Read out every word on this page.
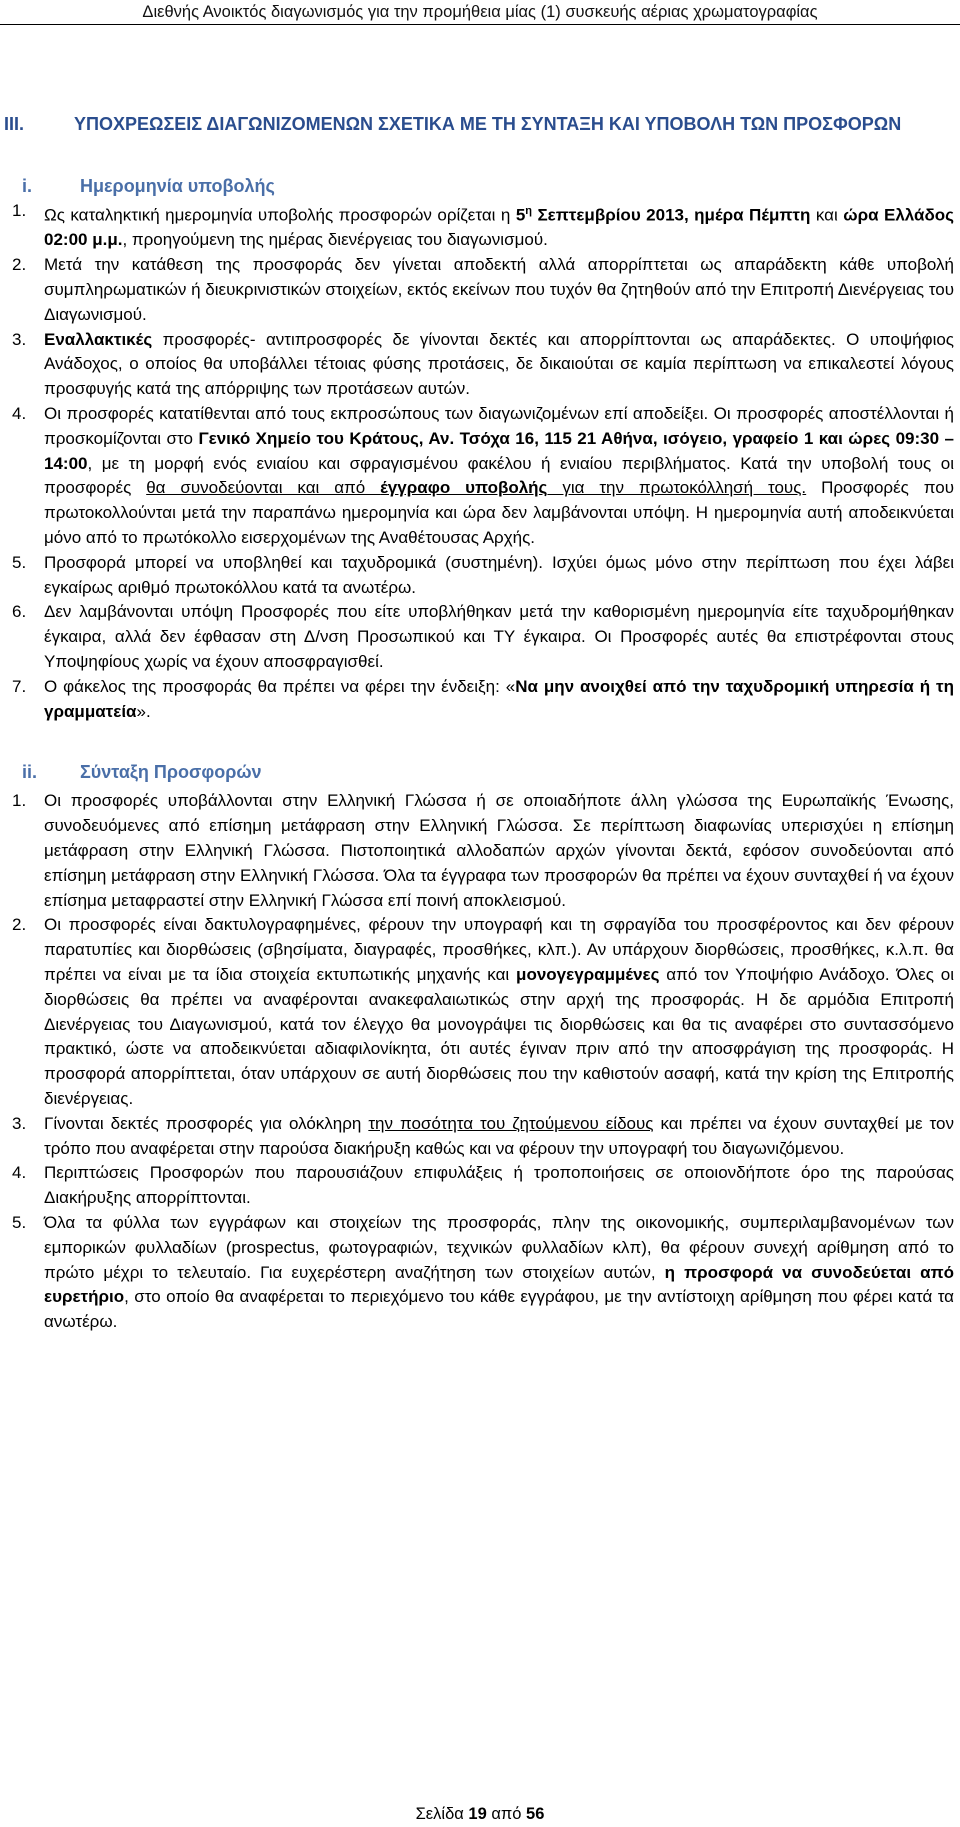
Διεθνής Ανοικτός διαγωνισμός για την προμήθεια μίας (1) συσκευής αέριας χρωματογραφίας
III.	ΥΠΟΧΡΕΩΣΕΙΣ ΔΙΑΓΩΝΙΖΟΜΕΝΩΝ ΣΧΕΤΙΚΑ ΜΕ ΤΗ ΣΥΝΤΑΞΗ ΚΑΙ ΥΠΟΒΟΛΗ ΤΩΝ ΠΡΟΣΦΟΡΩΝ
i.	Ημερομηνία υποβολής
1. Ως καταληκτική ημερομηνία υποβολής προσφορών ορίζεται η $5^\eta$ Σεπτεμβρίου 2013, ημέρα Πέμπτη και ώρα Ελλάδος 02:00 μ.μ., προηγούμενη της ημέρας διενέργειας του διαγωνισμού.
2. Μετά την κατάθεση της προσφοράς δεν γίνεται αποδεκτή αλλά απορρίπτεται ως απαράδεκτη κάθε υποβολή συμπληρωματικών ή διευκρινιστικών στοιχείων, εκτός εκείνων που τυχόν θα ζητηθούν από την Επιτροπή Διενέργειας του Διαγωνισμού.
3. Εναλλακτικές προσφορές- αντιπροσφορές δε γίνονται δεκτές και απορρίπτονται ως απαράδεκτες. Ο υποψήφιος Ανάδοχος, ο οποίος θα υποβάλλει τέτοιας φύσης προτάσεις, δε δικαιούται σε καμία περίπτωση να επικαλεστεί λόγους προσφυγής κατά της απόρριψης των προτάσεων αυτών.
4. Οι προσφορές κατατίθενται από τους εκπροσώπους των διαγωνιζομένων επί αποδείξει. Οι προσφορές αποστέλλονται ή προσκομίζονται στο Γενικό Χημείο του Κράτους, Αν. Τσόχα 16, 115 21 Αθήνα, ισόγειο, γραφείο 1 και ώρες 09:30 –14:00, με τη μορφή ενός ενιαίου και σφραγισμένου φακέλου ή ενιαίου περιβλήματος. Κατά την υποβολή τους οι προσφορές θα συνοδεύονται και από έγγραφο υποβολής για την πρωτοκόλλησή τους. Προσφορές που πρωτοκολλούνται μετά την παραπάνω ημερομηνία και ώρα δεν λαμβάνονται υπόψη. Η ημερομηνία αυτή αποδεικνύεται μόνο από το πρωτόκολλο εισερχομένων της Αναθέτουσας Αρχής.
5. Προσφορά μπορεί να υποβληθεί και ταχυδρομικά (συστημένη). Ισχύει όμως μόνο στην περίπτωση που έχει λάβει εγκαίρως αριθμό πρωτοκόλλου κατά τα ανωτέρω.
6. Δεν λαμβάνονται υπόψη Προσφορές που είτε υποβλήθηκαν μετά την καθορισμένη ημερομηνία είτε ταχυδρομήθηκαν έγκαιρα, αλλά δεν έφθασαν στη Δ/νση Προσωπικού και ΤΥ έγκαιρα. Οι Προσφορές αυτές θα επιστρέφονται στους Υποψηφίους χωρίς να έχουν αποσφραγισθεί.
7. Ο φάκελος της προσφοράς θα πρέπει να φέρει την ένδειξη: «Να μην ανοιχθεί από την ταχυδρομική υπηρεσία ή τη γραμματεία».
ii.	Σύνταξη Προσφορών
1. Οι προσφορές υποβάλλονται στην Ελληνική Γλώσσα ή σε οποιαδήποτε άλλη γλώσσα της Ευρωπαϊκής Ένωσης, συνοδευόμενες από επίσημη μετάφραση στην Ελληνική Γλώσσα. Σε περίπτωση διαφωνίας υπερισχύει η επίσημη μετάφραση στην Ελληνική Γλώσσα. Πιστοποιητικά αλλοδαπών αρχών γίνονται δεκτά, εφόσον συνοδεύονται από επίσημη μετάφραση στην Ελληνική Γλώσσα. Όλα τα έγγραφα των προσφορών θα πρέπει να έχουν συνταχθεί ή να έχουν επίσημα μεταφραστεί στην Ελληνική Γλώσσα επί ποινή αποκλεισμού.
2. Οι προσφορές είναι δακτυλογραφημένες, φέρουν την υπογραφή και τη σφραγίδα του προσφέροντος και δεν φέρουν παρατυπίες και διορθώσεις (σβησίματα, διαγραφές, προσθήκες, κλπ.). Αν υπάρχουν διορθώσεις, προσθήκες, κ.λ.π. θα πρέπει να είναι με τα ίδια στοιχεία εκτυπωτικής μηχανής και μονογεγραμμένες από τον Υποψήφιο Ανάδοχο. Όλες οι διορθώσεις θα πρέπει να αναφέρονται ανακεφαλαιωτικώς στην αρχή της προσφοράς. Η δε αρμόδια Επιτροπή Διενέργειας του Διαγωνισμού, κατά τον έλεγχο θα μονογράψει τις διορθώσεις και θα τις αναφέρει στο συντασσόμενο πρακτικό, ώστε να αποδεικνύεται αδιαφιλονίκητα, ότι αυτές έγιναν πριν από την αποσφράγιση της προσφοράς. Η προσφορά απορρίπτεται, όταν υπάρχουν σε αυτή διορθώσεις που την καθιστούν ασαφή, κατά την κρίση της Επιτροπής διενέργειας.
3. Γίνονται δεκτές προσφορές για ολόκληρη την ποσότητα του ζητούμενου είδους και πρέπει να έχουν συνταχθεί με τον τρόπο που αναφέρεται στην παρούσα διακήρυξη καθώς και να φέρουν την υπογραφή του διαγωνιζόμενου.
4. Περιπτώσεις Προσφορών που παρουσιάζουν επιφυλάξεις ή τροποποιήσεις σε οποιονδήποτε όρο της παρούσας Διακήρυξης απορρίπτονται.
5. Όλα τα φύλλα των εγγράφων και στοιχείων της προσφοράς, πλην της οικονομικής, συμπεριλαμβανομένων των εμπορικών φυλλαδίων (prospectus, φωτογραφιών, τεχνικών φυλλαδίων κλπ), θα φέρουν συνεχή αρίθμηση από το πρώτο μέχρι το τελευταίο. Για ευχερέστερη αναζήτηση των στοιχείων αυτών, η προσφορά να συνοδεύεται από ευρετήριο, στο οποίο θα αναφέρεται το περιεχόμενο του κάθε εγγράφου, με την αντίστοιχη αρίθμηση που φέρει κατά τα ανωτέρω.
Σελίδα 19 από 56
